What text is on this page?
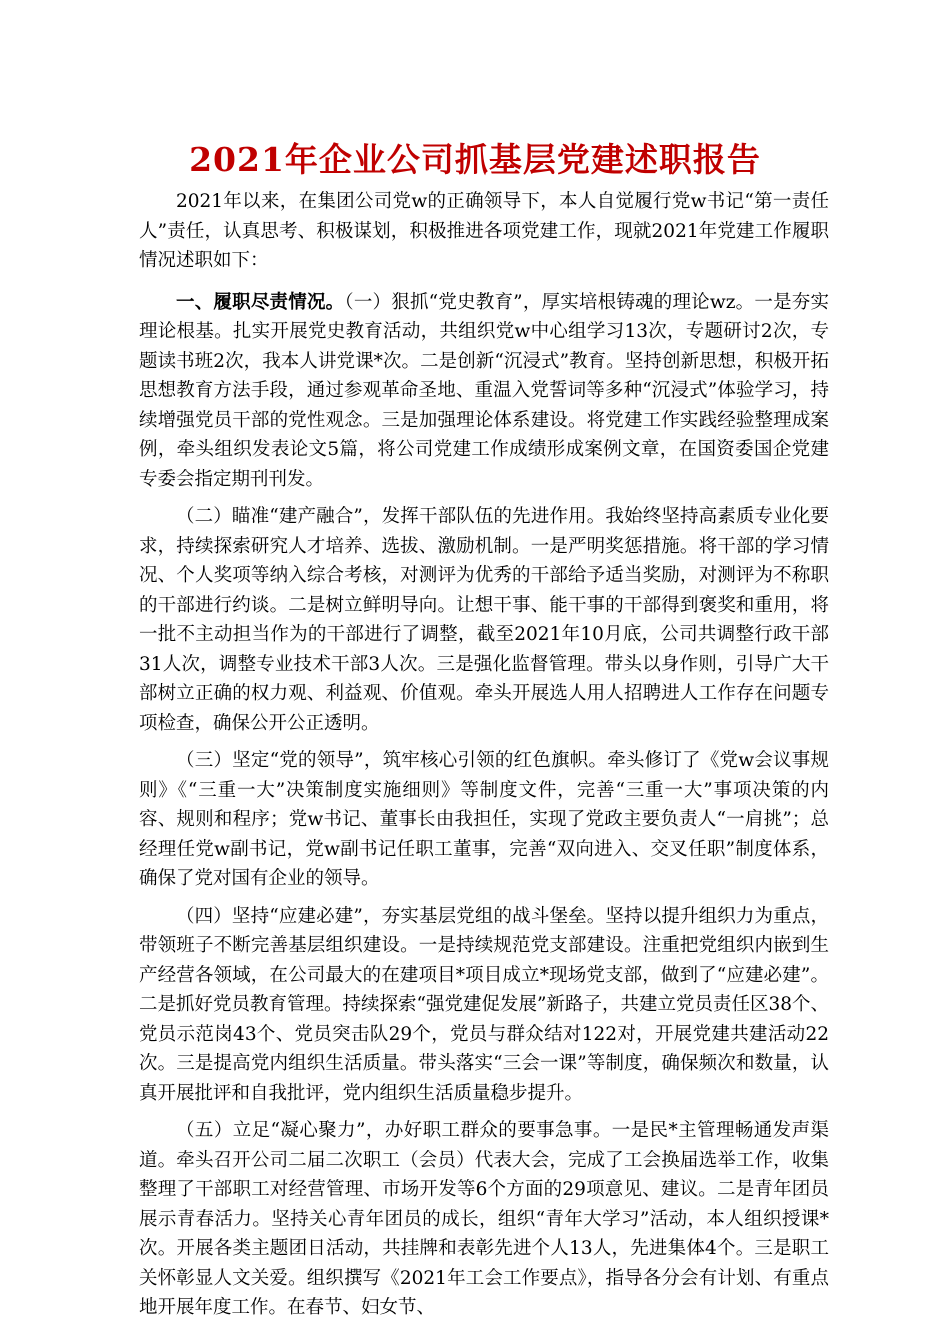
2021年企业公司抓基层党建述职报告

2021年以来，在集团公司党w的正确领导下，本人自觉履行党w书记“第一责任人”责任，认真思考、积极谋划，积极推进各项党建工作，现就2021年党建工作履职情况述职如下：

一、履职尽责情况。（一）狠抓“党史教育”，厚实培根铸魂的理论wz。一是夯实理论根基。扎实开展党史教育活动，共组织党w中心组学习13次，专题研讨2次，专题读书班2次，我本人讲党课*次。二是创新“沉浸式”教育。坚持创新思想，积极开拓思想教育方法手段，通过参观革命圣地、重温入党誓词等多种“沉浸式”体验学习，持续增强党员干部的党性观念。三是加强理论体系建设。将党建工作实践经验整理成案例，牵头组织发表论文5篇，将公司党建工作成绩形成案例文章，在国资委国企党建专委会指定期刊刊发。

（二）瞄准“建产融合”，发挥干部队伍的先进作用。我始终坚持高素质专业化要求，持续探索研究人才培养、选拔、激励机制。一是严明奖惩措施。将干部的学习情况、个人奖项等纳入综合考核，对测评为优秀的干部给予适当奖励，对测评为不称职的干部进行约谈。二是树立鲜明导向。让想干事、能干事的干部得到褒奖和重用，将一批不主动担当作为的干部进行了调整，截至2021年10月底，公司共调整行政干部31人次，调整专业技术干部3人次。三是强化监督管理。带头以身作则，引导广大干部树立正确的权力观、利益观、价值观。牵头开展选人用人招聘进人工作存在问题专项检查，确保公开公正透明。

（三）坚定“党的领导”，筑牢核心引领的红色旗帜。牵头修订了《党w会议事规则》《“三重一大”决策制度实施细则》等制度文件，完善“三重一大”事项决策的内容、规则和程序；党w书记、董事长由我担任，实现了党政主要负责人“一肩挑”；总经理任党w副书记，党w副书记任职工董事，完善“双向进入、交叉任职”制度体系，确保了党对国有企业的领导。

（四）坚持“应建必建”，夯实基层党组的战斗堡垒。坚持以提升组织力为重点，带领班子不断完善基层组织建设。一是持续规范党支部建设。注重把党组织内嵌到生产经营各领域，在公司最大的在建项目*项目成立*现场党支部，做到了“应建必建”。二是抓好党员教育管理。持续探索“强党建促发展”新路子，共建立党员责任区38个、党员示范岗43个、党员突击队29个，党员与群众结对122对，开展党建共建活动22次。三是提高党内组织生活质量。带头落实“三会一课”等制度，确保频次和数量，认真开展批评和自我批评，党内组织生活质量稳步提升。

（五）立足“凝心聚力”，办好职工群众的要事急事。一是民*主管理畅通发声渠道。牵头召开公司二届二次职工（会员）代表大会，完成了工会换届选举工作，收集整理了干部职工对经营管理、市场开发等6个方面的29项意见、建议。二是青年团员展示青春活力。坚持关心青年团员的成长，组织“青年大学习”活动，本人组织授课*次。开展各类主题团日活动，共挂牌和表彰先进个人13人，先进集体4个。三是职工关怀彰显人文关爱。组织撰写《2021年工会工作要点》，指导各分会有计划、有重点地开展年度工作。在春节、妇女节、
